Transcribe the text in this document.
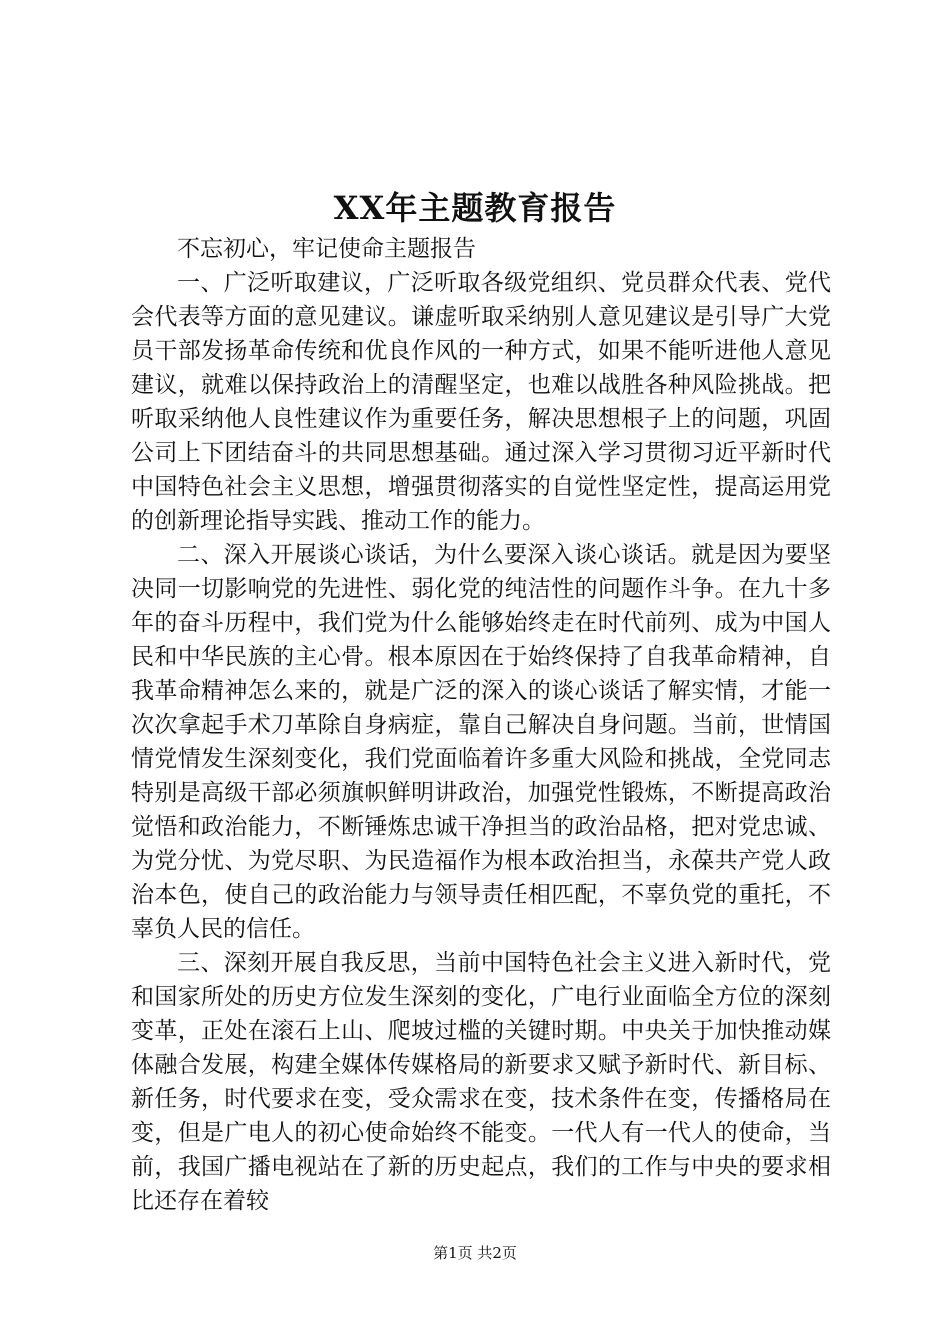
XX年主题教育报告

不忘初心，牢记使命主题报告

一、广泛听取建议，广泛听取各级党组织、党员群众代表、党代会代表等方面的意见建议。谦虚听取采纳别人意见建议是引导广大党员干部发扬革命传统和优良作风的一种方式，如果不能听进他人意见建议，就难以保持政治上的清醒坚定，也难以战胜各种风险挑战。把听取采纳他人良性建议作为重要任务，解决思想根子上的问题，巩固公司上下团结奋斗的共同思想基础。通过深入学习贯彻习近平新时代中国特色社会主义思想，增强贯彻落实的自觉性坚定性，提高运用党的创新理论指导实践、推动工作的能力。

二、深入开展谈心谈话，为什么要深入谈心谈话。就是因为要坚决同一切影响党的先进性、弱化党的纯洁性的问题作斗争。在九十多年的奋斗历程中，我们党为什么能够始终走在时代前列、成为中国人民和中华民族的主心骨。根本原因在于始终保持了自我革命精神，自我革命精神怎么来的，就是广泛的深入的谈心谈话了解实情，才能一次次拿起手术刀革除自身病症，靠自己解决自身问题。当前，世情国情党情发生深刻变化，我们党面临着许多重大风险和挑战，全党同志特别是高级干部必须旗帜鲜明讲政治，加强党性锻炼，不断提高政治觉悟和政治能力，不断锤炼忠诚干净担当的政治品格，把对党忠诚、为党分忧、为党尽职、为民造福作为根本政治担当，永葆共产党人政治本色，使自己的政治能力与领导责任相匹配，不辜负党的重托，不辜负人民的信任。

三、深刻开展自我反思，当前中国特色社会主义进入新时代，党和国家所处的历史方位发生深刻的变化，广电行业面临全方位的深刻变革，正处在滚石上山、爬坡过槛的关键时期。中央关于加快推动媒体融合发展，构建全媒体传媒格局的新要求又赋予新时代、新目标、新任务，时代要求在变，受众需求在变，技术条件在变，传播格局在变，但是广电人的初心使命始终不能变。一代人有一代人的使命，当前，我国广播电视站在了新的历史起点，我们的工作与中央的要求相比还存在着较

第1页 共2页
